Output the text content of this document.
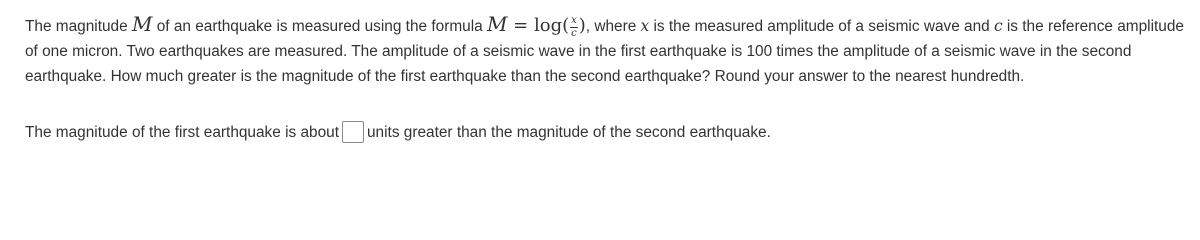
The magnitude M of an earthquake is measured using the formula $M = \log( \frac{x}{c}$ ), where x is the measured amplitude of a seismic wave and c is the reference amplitude of one micron. Two earthquakes are measured. The amplitude of a seismic wave in the first earthquake is 100 times the amplitude of a seismic wave in the second earthquake. How much greater is the magnitude of the first earthquake than the second earthquake? Round your answer to the nearest hundredth.

The magnitude of the first earthquake is about units greater than the magnitude of the second earthquake.
